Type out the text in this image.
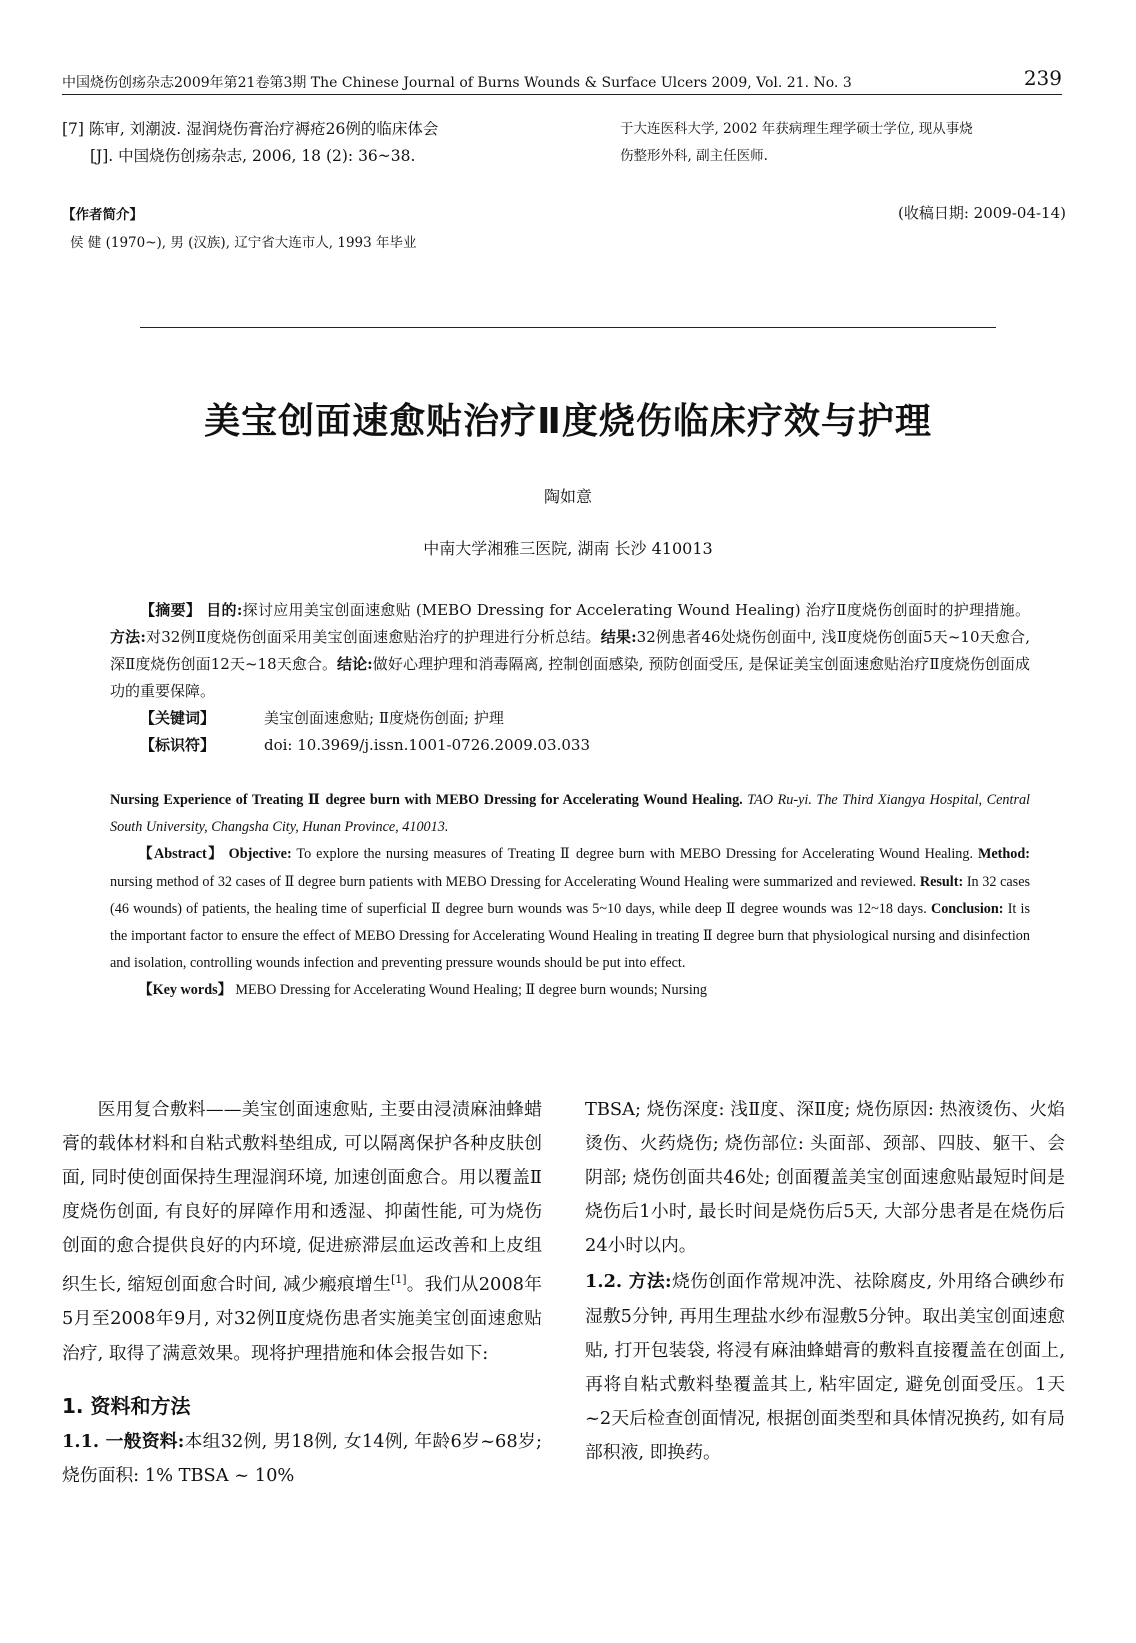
中国烧伤创疡杂志2009年第21卷第3期 The Chinese Journal of Burns Wounds & Surface Ulcers 2009, Vol. 21. No. 3	239
[7] 陈审, 刘潮波. 湿润烧伤膏治疗褥疮26例的临床体会
[J]. 中国烧伤创疡杂志, 2006, 18 (2): 36~38.
【作者简介】
侯 健 (1970~), 男 (汉族), 辽宁省大连市人, 1993 年毕业
于大连医科大学, 2002 年获病理生理学硕士学位, 现从事烧
伤整形外科, 副主任医师.
(收稿日期: 2009-04-14)
美宝创面速愈贴治疗Ⅱ度烧伤临床疗效与护理
陶如意
中南大学湘雅三医院, 湖南 长沙 410013

【摘要】 目的:探讨应用美宝创面速愈贴 (MEBO Dressing for Accelerating Wound Healing) 治疗Ⅱ度烧伤创面时的护理措施。方法:对32例Ⅱ度烧伤创面采用美宝创面速愈贴治疗的护理进行分析总结。结果:32例患者46处烧伤创面中, 浅Ⅱ度烧伤创面5天~10天愈合, 深Ⅱ度烧伤创面12天~18天愈合。结论:做好心理护理和消毒隔离, 控制创面感染, 预防创面受压, 是保证美宝创面速愈贴治疗Ⅱ度烧伤创面成功的重要保障。

【关键词】	美宝创面速愈贴; Ⅱ度烧伤创面; 护理
【标识符】	doi: 10.3969/j.issn.1001-0726.2009.03.033

Nursing Experience of Treating Ⅱ degree burn with MEBO Dressing for Accelerating Wound Healing. TAO Ru-yi. The Third Xiangya Hospital, Central South University, Changsha City, Hunan Province, 410013.

【Abstract】 Objective: To explore the nursing measures of Treating Ⅱ degree burn with MEBO Dressing for Accelerating Wound Healing. Method: nursing method of 32 cases of Ⅱ degree burn patients with MEBO Dressing for Accelerating Wound Healing were summarized and reviewed. Result: In 32 cases (46 wounds) of patients, the healing time of superficial Ⅱ degree burn wounds was 5~10 days, while deep Ⅱ degree wounds was 12~18 days. Conclusion: It is the important factor to ensure the effect of MEBO Dressing for Accelerating Wound Healing in treating Ⅱ degree burn that physiological nursing and disinfection and isolation, controlling wounds infection and preventing pressure wounds should be put into effect.

【Key words】 MEBO Dressing for Accelerating Wound Healing; Ⅱ degree burn wounds; Nursing

医用复合敷料——美宝创面速愈贴, 主要由浸渍麻油蜂蜡膏的载体材料和自粘式敷料垫组成, 可以隔离保护各种皮肤创面, 同时使创面保持生理湿润环境, 加速创面愈合。用以覆盖Ⅱ度烧伤创面, 有良好的屏障作用和透湿、抑菌性能, 可为烧伤创面的愈合提供良好的内环境, 促进瘀滞层血运改善和上皮组织生长, 缩短创面愈合时间, 减少瘢痕增生[1]。我们从2008年5月至2008年9月, 对32例Ⅱ度烧伤患者实施美宝创面速愈贴治疗, 取得了满意效果。现将护理措施和体会报告如下:

1. 资料和方法

1.1. 一般资料:本组32例, 男18例, 女14例, 年龄6岁~68岁; 烧伤面积: 1% TBSA ~ 10%

TBSA; 烧伤深度: 浅Ⅱ度、深Ⅱ度; 烧伤原因: 热液烫伤、火焰烫伤、火药烧伤; 烧伤部位: 头面部、颈部、四肢、躯干、会阴部; 烧伤创面共46处; 创面覆盖美宝创面速愈贴最短时间是烧伤后1小时, 最长时间是烧伤后5天, 大部分患者是在烧伤后24小时以内。

1.2. 方法:烧伤创面作常规冲洗、祛除腐皮, 外用络合碘纱布湿敷5分钟, 再用生理盐水纱布湿敷5分钟。取出美宝创面速愈贴, 打开包装袋, 将浸有麻油蜂蜡膏的敷料直接覆盖在创面上, 再将自粘式敷料垫覆盖其上, 粘牢固定, 避免创面受压。1天~2天后检查创面情况, 根据创面类型和具体情况换药, 如有局部积液, 即换药。
